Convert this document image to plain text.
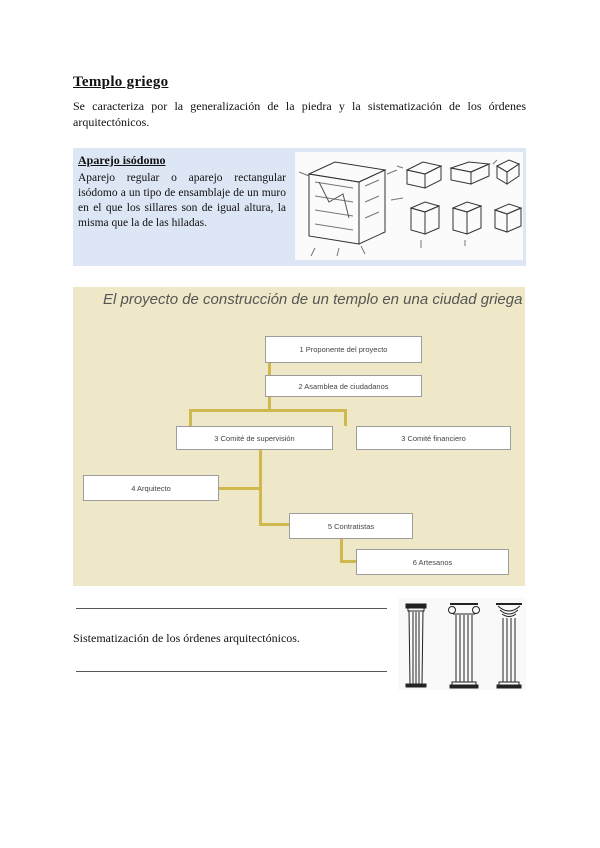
Templo griego
Se caracteriza por la generalización de la piedra y la sistematización de los órdenes arquitectónicos.
Aparejo isódomo
Aparejo regular o aparejo rectangular isódomo a un tipo de ensamblaje de un muro en el que los sillares son de igual altura, la misma que la de las hiladas.
El proyecto de construcción de un templo en una ciudad griega
1 Proponente del proyecto
2 Asamblea de ciudadanos
3 Comité de supervisión	3 Comité financiero
4 Arquitecto
5 Contratistas
6 Artesanos
Sistematización de los órdenes arquitectónicos.
